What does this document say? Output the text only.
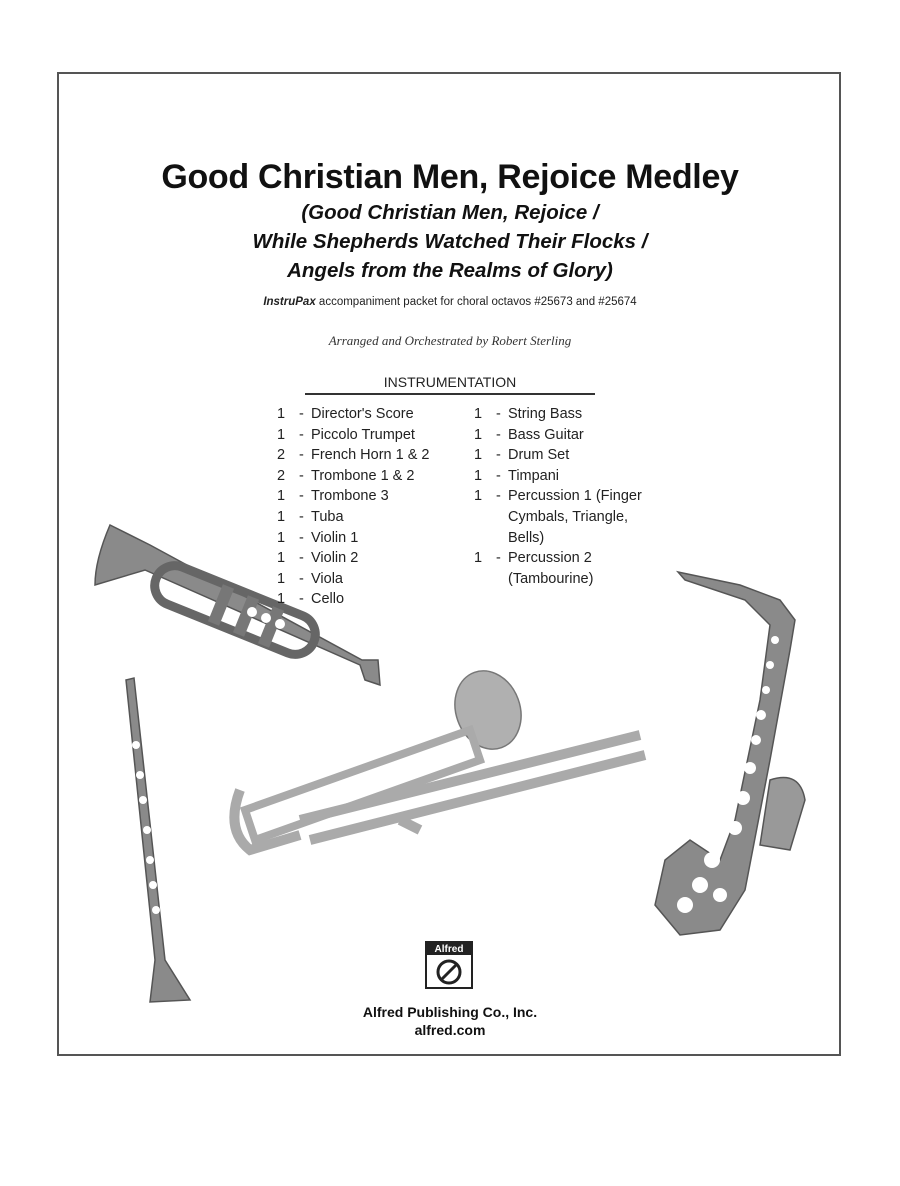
Good Christian Men, Rejoice Medley
(Good Christian Men, Rejoice /
While Shepherds Watched Their Flocks /
Angels from the Realms of Glory)
InstruPax accompaniment packet for choral octavos #25673 and #25674
Arranged and Orchestrated by Robert Sterling
INSTRUMENTATION
1 - Director's Score
1 - Piccolo Trumpet
2 - French Horn 1 & 2
2 - Trombone 1 & 2
1 - Trombone 3
1 - Tuba
1 - Violin 1
1 - Violin 2
1 - Viola
1 - Cello
1 - String Bass
1 - Bass Guitar
1 - Drum Set
1 - Timpani
1 - Percussion 1 (Finger
Cymbals, Triangle,
Bells)
1 - Percussion 2
(Tambourine)
Alfred
Alfred Publishing Co., Inc.
alfred.com
